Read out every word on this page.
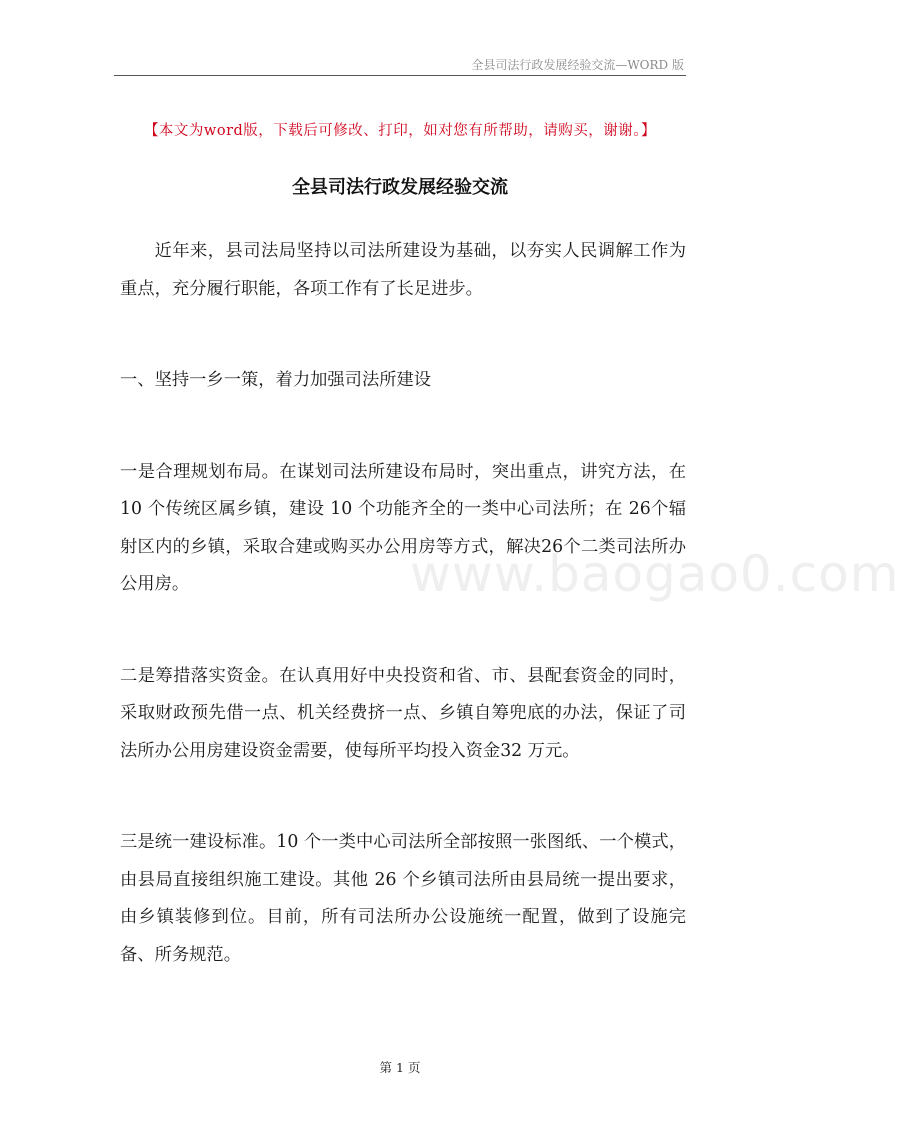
全县司法行政发展经验交流—WORD 版
【本文为word版，下载后可修改、打印，如对您有所帮助，请购买，谢谢。】
全县司法行政发展经验交流
www.baogao0.com

近年来，县司法局坚持以司法所建设为基础，以夯实人民调解工作为重点，充分履行职能，各项工作有了长足进步。

一、坚持一乡一策，着力加强司法所建设

一是合理规划布局。在谋划司法所建设布局时，突出重点，讲究方法，在 10 个传统区属乡镇，建设 10 个功能齐全的一类中心司法所；在 26个辐射区内的乡镇，采取合建或购买办公用房等方式，解决26个二类司法所办公用房。

二是筹措落实资金。在认真用好中央投资和省、市、县配套资金的同时，采取财政预先借一点、机关经费挤一点、乡镇自筹兜底的办法，保证了司法所办公用房建设资金需要，使每所平均投入资金32 万元。

三是统一建设标准。10 个一类中心司法所全部按照一张图纸、一个模式，由县局直接组织施工建设。其他 26 个乡镇司法所由县局统一提出要求，由乡镇装修到位。目前，所有司法所办公设施统一配置，做到了设施完备、所务规范。

第 1 页
